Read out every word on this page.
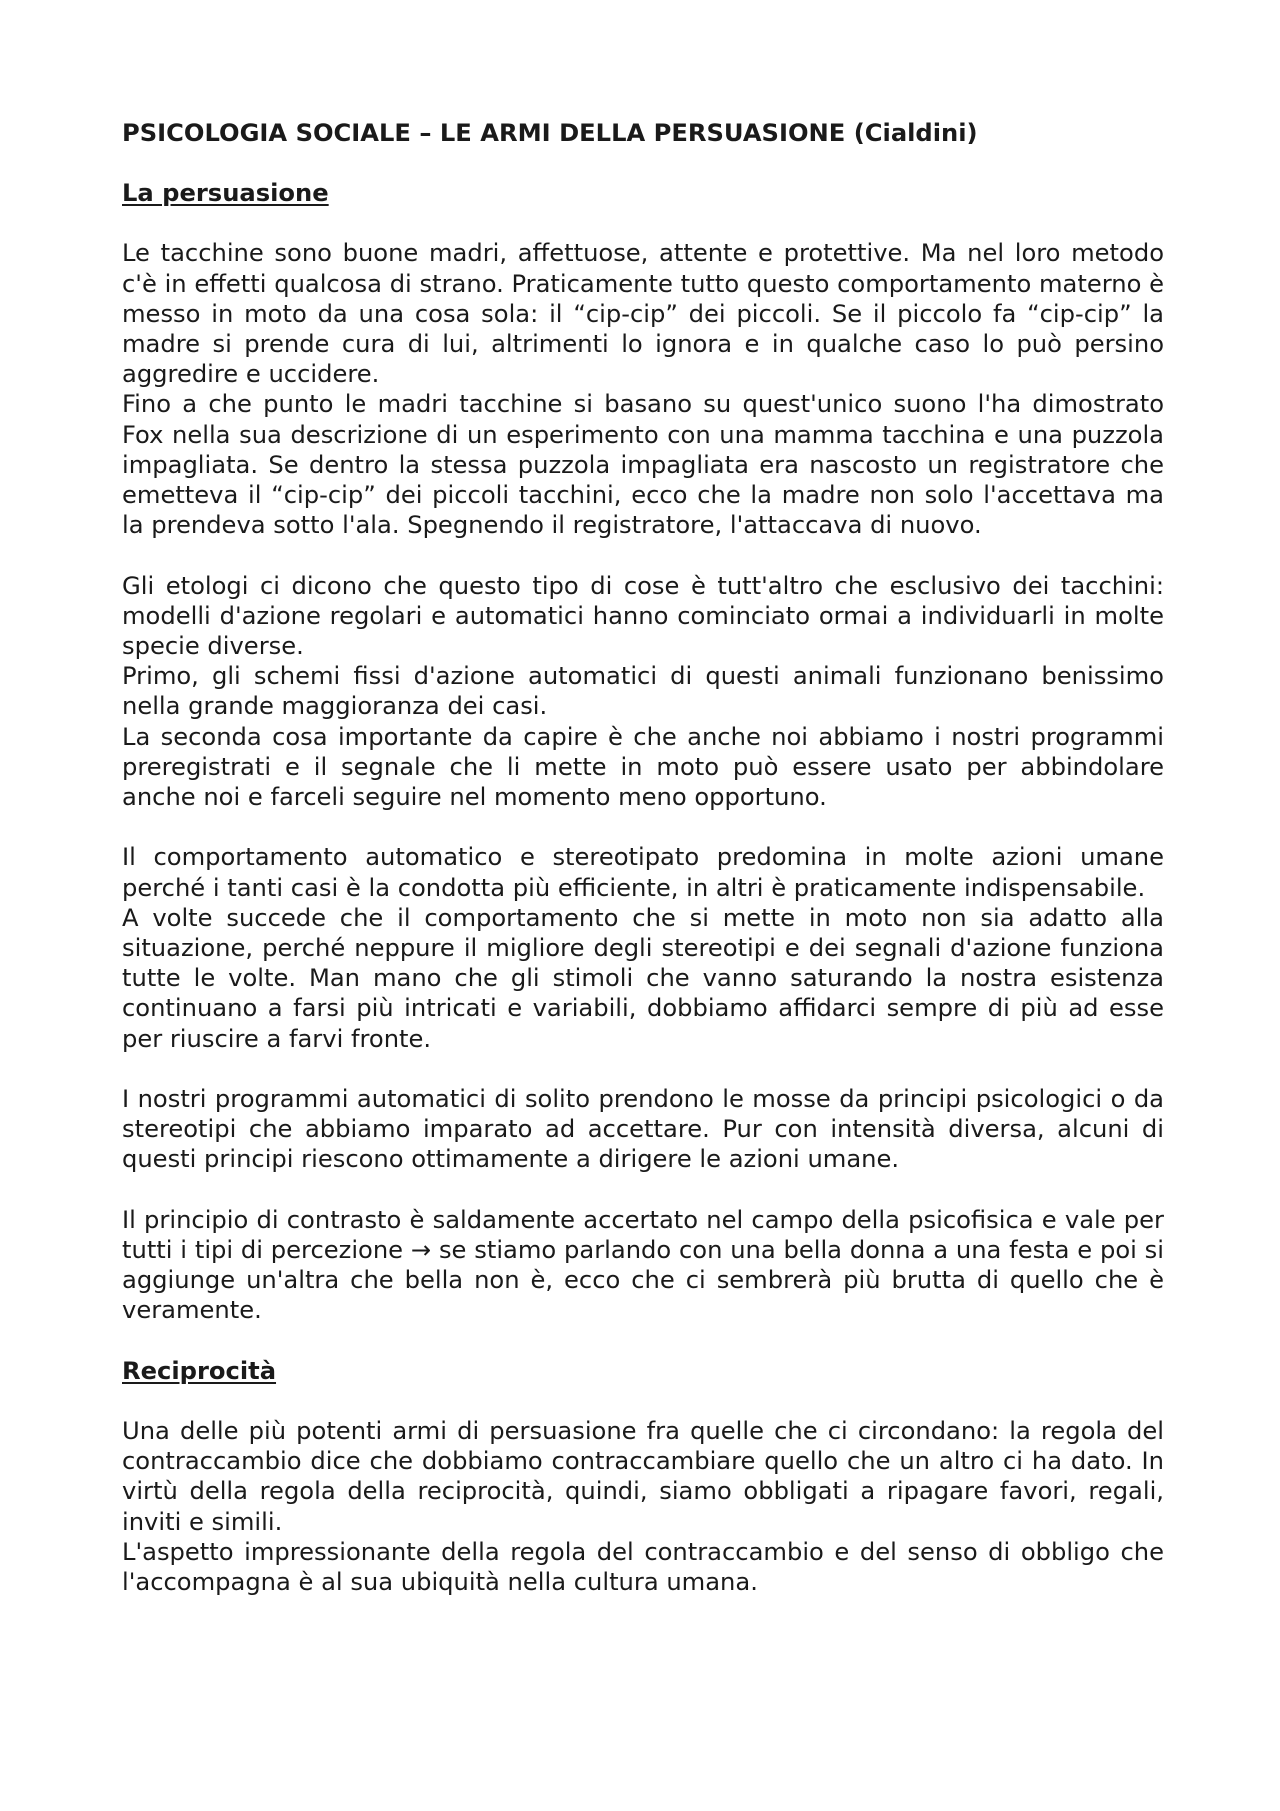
PSICOLOGIA SOCIALE – LE ARMI DELLA PERSUASIONE (Cialdini)
La persuasione

Le tacchine sono buone madri, affettuose, attente e protettive. Ma nel loro metodo c'è in effetti qualcosa di strano. Praticamente tutto questo comportamento materno è messo in moto da una cosa sola: il “cip-cip” dei piccoli. Se il piccolo fa “cip-cip” la madre si prende cura di lui, altrimenti lo ignora e in qualche caso lo può persino aggredire e uccidere.

Fino a che punto le madri tacchine si basano su quest'unico suono l'ha dimostrato Fox nella sua descrizione di un esperimento con una mamma tacchina e una puzzola impagliata. Se dentro la stessa puzzola impagliata era nascosto un registratore che emetteva il “cip-cip” dei piccoli tacchini, ecco che la madre non solo l'accettava ma la prendeva sotto l'ala. Spegnendo il registratore, l'attaccava di nuovo.

Gli etologi ci dicono che questo tipo di cose è tutt'altro che esclusivo dei tacchini: modelli d'azione regolari e automatici hanno cominciato ormai a individuarli in molte specie diverse.

Primo, gli schemi fissi d'azione automatici di questi animali funzionano benissimo nella grande maggioranza dei casi.

La seconda cosa importante da capire è che anche noi abbiamo i nostri programmi preregistrati e il segnale che li mette in moto può essere usato per abbindolare anche noi e farceli seguire nel momento meno opportuno.

Il comportamento automatico e stereotipato predomina in molte azioni umane perché i tanti casi è la condotta più efficiente, in altri è praticamente indispensabile.

A volte succede che il comportamento che si mette in moto non sia adatto alla situazione, perché neppure il migliore degli stereotipi e dei segnali d'azione funziona tutte le volte. Man mano che gli stimoli che vanno saturando la nostra esistenza continuano a farsi più intricati e variabili, dobbiamo affidarci sempre di più ad esse per riuscire a farvi fronte.

I nostri programmi automatici di solito prendono le mosse da principi psicologici o da stereotipi che abbiamo imparato ad accettare. Pur con intensità diversa, alcuni di questi principi riescono ottimamente a dirigere le azioni umane.

Il principio di contrasto è saldamente accertato nel campo della psicofisica e vale per tutti i tipi di percezione → se stiamo parlando con una bella donna a una festa e poi si aggiunge un'altra che bella non è, ecco che ci sembrerà più brutta di quello che è veramente.

Reciprocità

Una delle più potenti armi di persuasione fra quelle che ci circondano: la regola del contraccambio dice che dobbiamo contraccambiare quello che un altro ci ha dato. In virtù della regola della reciprocità, quindi, siamo obbligati a ripagare favori, regali, inviti e simili.

L'aspetto impressionante della regola del contraccambio e del senso di obbligo che l'accompagna è al sua ubiquità nella cultura umana.
